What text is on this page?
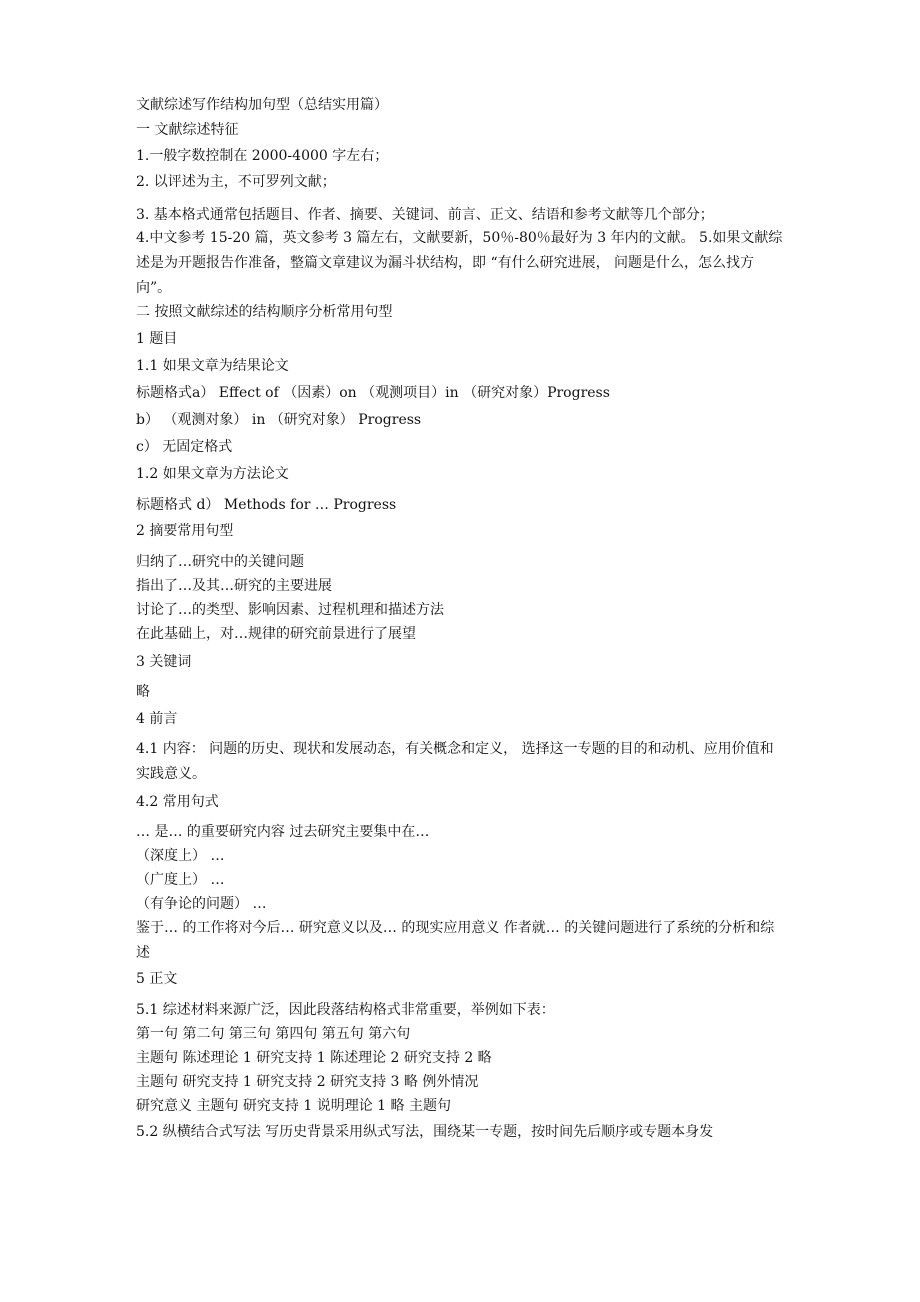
文献综述写作结构加句型（总结实用篇）
一 文献综述特征
1.一般字数控制在 2000-4000 字左右；
2. 以评述为主，不可罗列文献；
3. 基本格式通常包括题目、作者、摘要、关键词、前言、正文、结语和参考文献等几个部分；
4.中文参考 15-20 篇，英文参考 3 篇左右，文献要新，50％-80％最好为 3 年内的文献。 5.如果文献综述是为开题报告作准备，整篇文章建议为漏斗状结构，即 “有什么研究进展， 问题是什么，怎么找方向”。
二 按照文献综述的结构顺序分析常用句型
1 题目
1.1 如果文章为结果论文
标题格式a） Effect of （因素）on （观测项目）in （研究对象）Progress
b） （观测对象） in （研究对象） Progress
c） 无固定格式
1.2 如果文章为方法论文
标题格式 d） Methods for … Progress
2 摘要常用句型
归纳了…研究中的关键问题
指出了…及其…研究的主要进展
讨论了…的类型、影响因素、过程机理和描述方法
在此基础上，对…规律的研究前景进行了展望
3 关键词
略
4 前言
4.1 内容： 问题的历史、现状和发展动态，有关概念和定义， 选择这一专题的目的和动机、应用价值和实践意义。
4.2 常用句式
… 是… 的重要研究内容 过去研究主要集中在…
（深度上） …
（广度上） …
（有争论的问题） …
鉴于… 的工作将对今后… 研究意义以及… 的现实应用意义 作者就… 的关键问题进行了系统的分析和综述
5 正文
5.1 综述材料来源广泛，因此段落结构格式非常重要，举例如下表：
第一句 第二句 第三句 第四句 第五句 第六句
主题句 陈述理论 1 研究支持 1 陈述理论 2 研究支持 2 略
主题句 研究支持 1 研究支持 2 研究支持 3 略 例外情况
研究意义 主题句 研究支持 1 说明理论 1 略 主题句
5.2 纵横结合式写法 写历史背景采用纵式写法，围绕某一专题，按时间先后顺序或专题本身发
